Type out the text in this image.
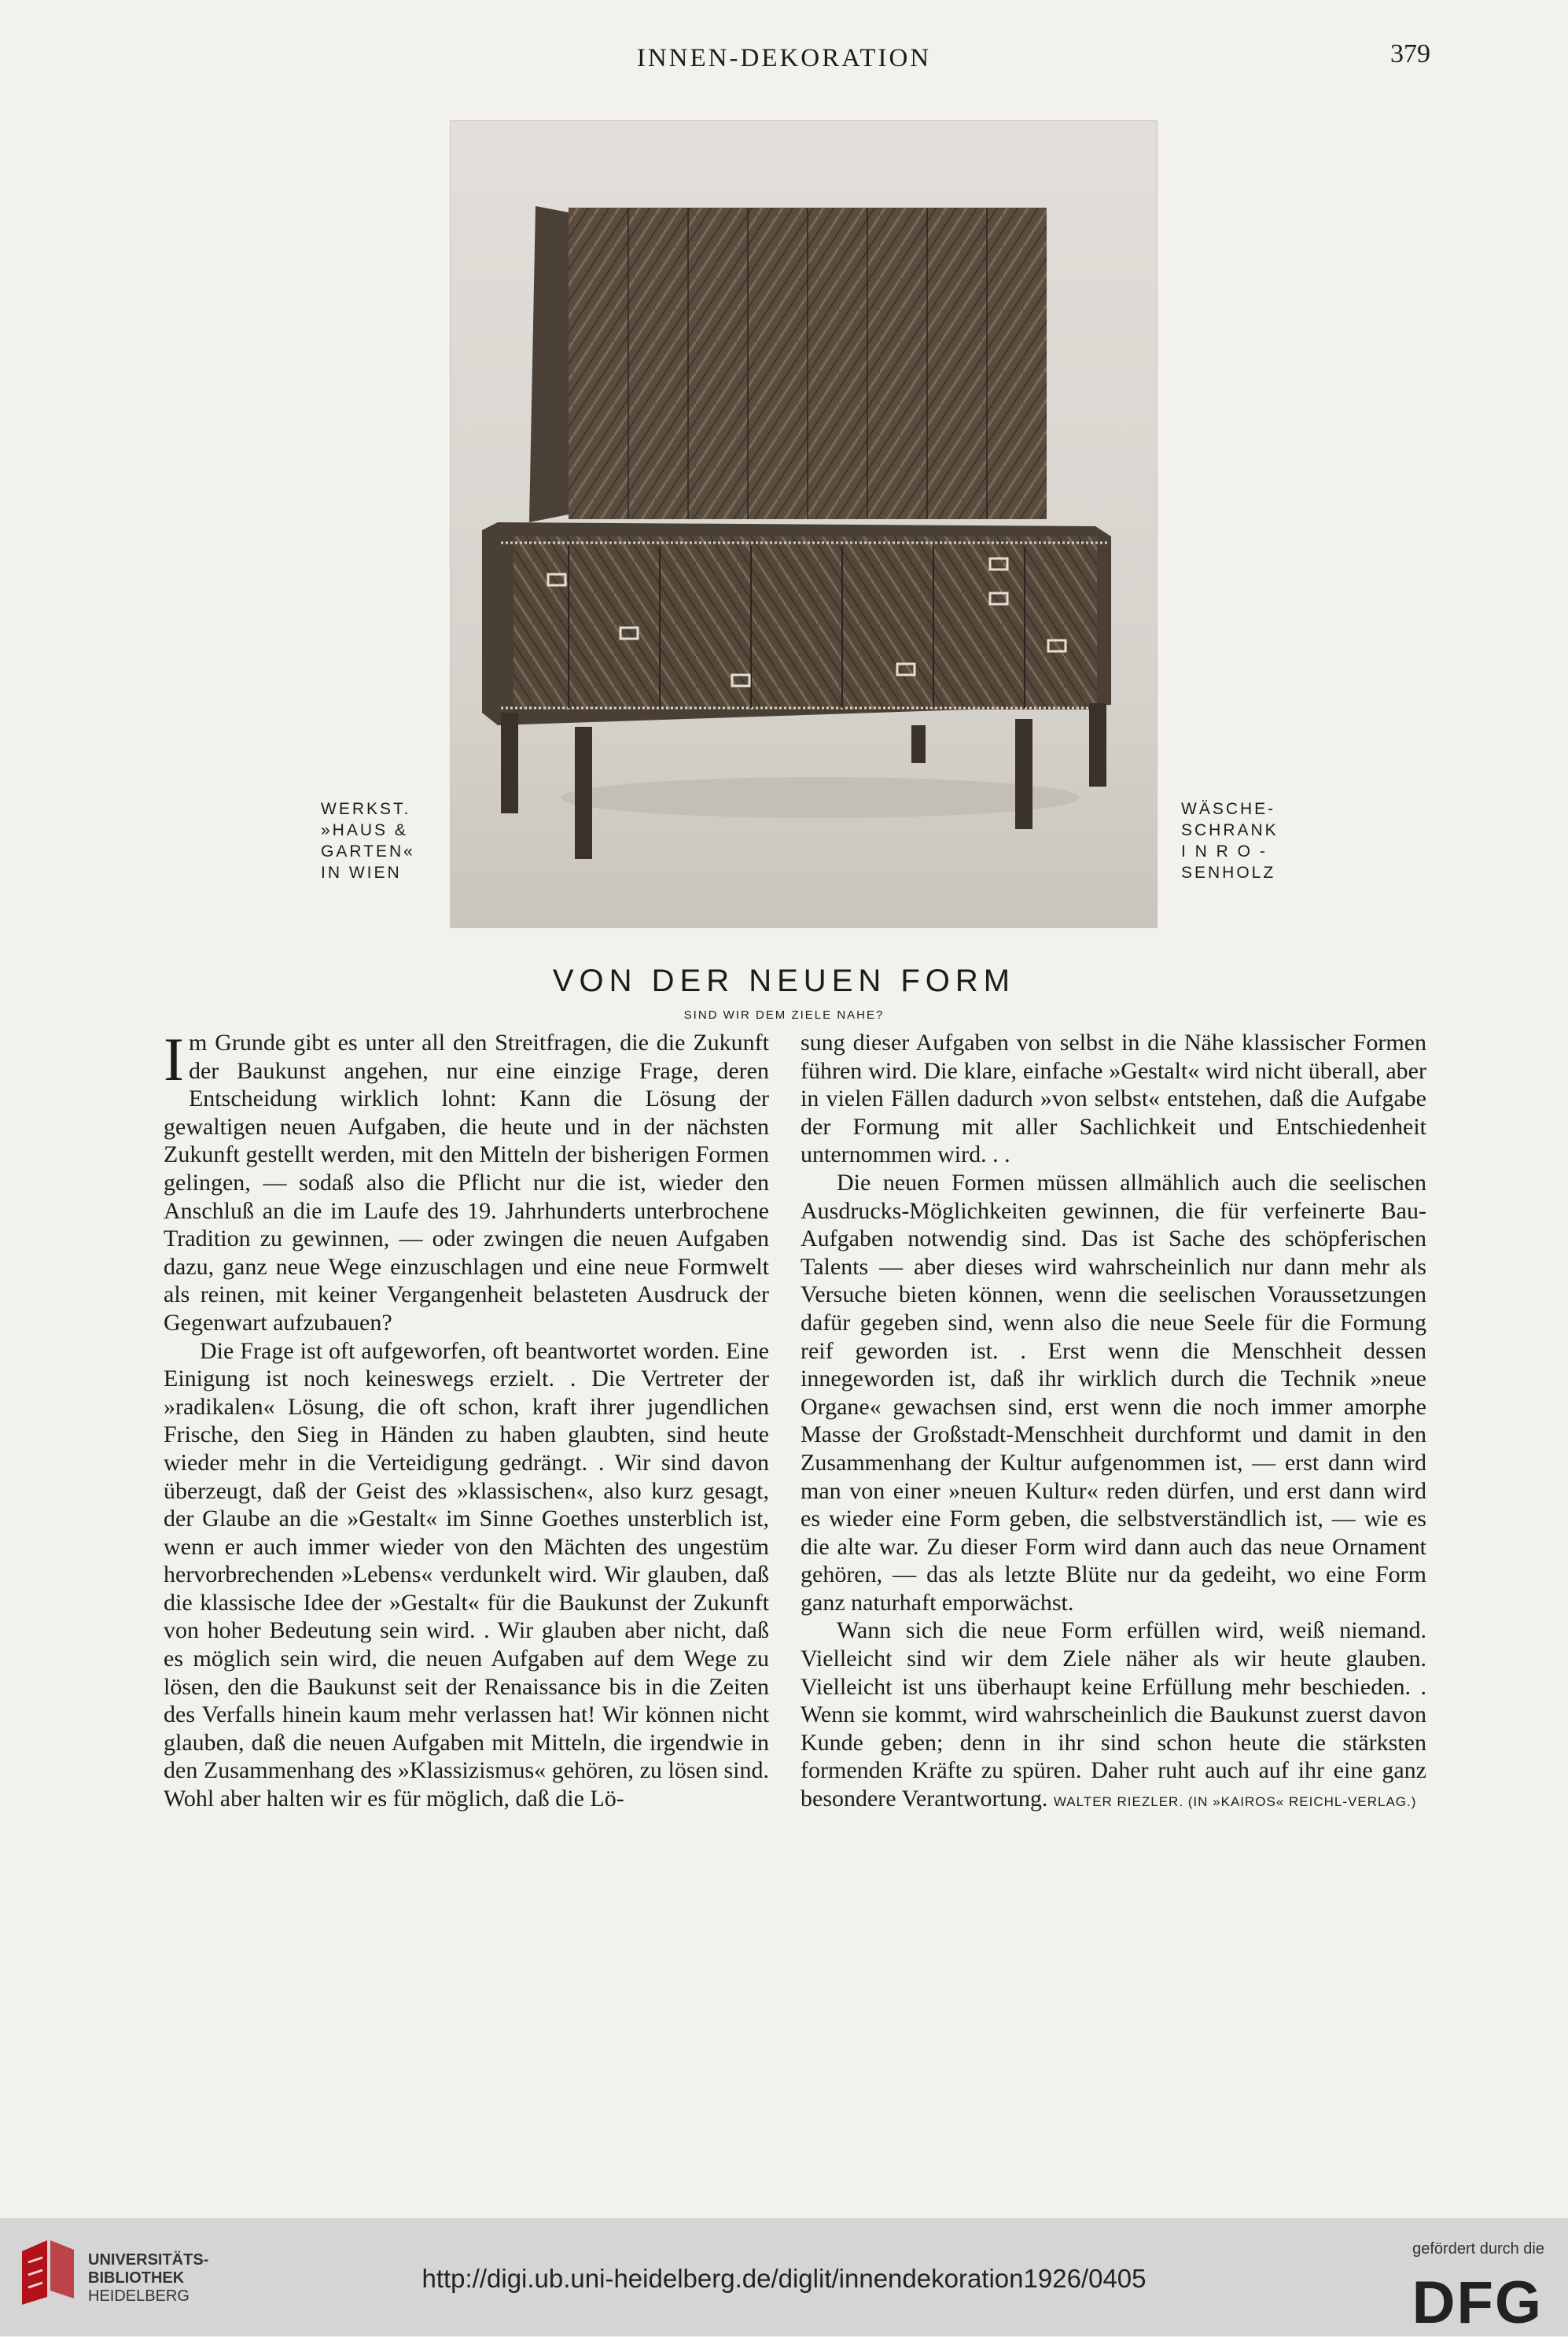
INNEN-DEKORATION	379
WERKST.
»HAUS &
GARTEN«
IN WIEN
WÄSCHE-
SCHRANK
I N R O -
SENHOLZ
VON DER NEUEN FORM
SIND WIR DEM ZIELE NAHE?

Im Grunde gibt es unter all den Streitfragen, die die Zukunft der Baukunst angehen, nur eine einzige Frage, deren Entscheidung wirklich lohnt: Kann die Lösung der gewaltigen neuen Aufgaben, die heute und in der nächsten Zukunft gestellt werden, mit den Mitteln der bisherigen Formen gelingen, — sodaß also die Pflicht nur die ist, wieder den Anschluß an die im Laufe des 19. Jahrhunderts unterbrochene Tradition zu gewinnen, — oder zwingen die neuen Aufgaben dazu, ganz neue Wege einzuschlagen und eine neue Formwelt als reinen, mit keiner Vergangenheit belasteten Ausdruck der Gegenwart aufzubauen?

Die Frage ist oft aufgeworfen, oft beantwortet worden. Eine Einigung ist noch keineswegs erzielt. . Die Vertreter der »radikalen« Lösung, die oft schon, kraft ihrer jugendlichen Frische, den Sieg in Händen zu haben glaubten, sind heute wieder mehr in die Verteidigung gedrängt. . Wir sind davon überzeugt, daß der Geist des »klassischen«, also kurz gesagt, der Glaube an die »Gestalt« im Sinne Goethes unsterblich ist, wenn er auch immer wieder von den Mächten des ungestüm hervorbrechenden »Lebens« verdunkelt wird. Wir glauben, daß die klassische Idee der »Gestalt« für die Baukunst der Zukunft von hoher Bedeutung sein wird. . Wir glauben aber nicht, daß es möglich sein wird, die neuen Aufgaben auf dem Wege zu lösen, den die Baukunst seit der Renaissance bis in die Zeiten des Verfalls hinein kaum mehr verlassen hat! Wir können nicht glauben, daß die neuen Aufgaben mit Mitteln, die irgendwie in den Zusammenhang des »Klassizismus« gehören, zu lösen sind. Wohl aber halten wir es für möglich, daß die Lö-

sung dieser Aufgaben von selbst in die Nähe klassischer Formen führen wird. Die klare, einfache »Gestalt« wird nicht überall, aber in vielen Fällen dadurch »von selbst« entstehen, daß die Aufgabe der Formung mit aller Sachlichkeit und Entschiedenheit unternommen wird. . .

Die neuen Formen müssen allmählich auch die seelischen Ausdrucks-Möglichkeiten gewinnen, die für verfeinerte Bau-Aufgaben notwendig sind. Das ist Sache des schöpferischen Talents — aber dieses wird wahrscheinlich nur dann mehr als Versuche bieten können, wenn die seelischen Voraussetzungen dafür gegeben sind, wenn also die neue Seele für die Formung reif geworden ist. . Erst wenn die Menschheit dessen innegeworden ist, daß ihr wirklich durch die Technik »neue Organe« gewachsen sind, erst wenn die noch immer amorphe Masse der Großstadt-Menschheit durchformt und damit in den Zusammenhang der Kultur aufgenommen ist, — erst dann wird man von einer »neuen Kultur« reden dürfen, und erst dann wird es wieder eine Form geben, die selbstverständlich ist, — wie es die alte war. Zu dieser Form wird dann auch das neue Ornament gehören, — das als letzte Blüte nur da gedeiht, wo eine Form ganz naturhaft emporwächst.

Wann sich die neue Form erfüllen wird, weiß niemand. Vielleicht sind wir dem Ziele näher als wir heute glauben. Vielleicht ist uns überhaupt keine Erfüllung mehr beschieden. . Wenn sie kommt, wird wahrscheinlich die Baukunst zuerst davon Kunde geben; denn in ihr sind schon heute die stärksten formenden Kräfte zu spüren. Daher ruht auch auf ihr eine ganz besondere Verantwortung. WALTER RIEZLER. (IN »KAIROS« REICHL-VERLAG.)

UNIVERSITÄTS-
BIBLIOTHEK
HEIDELBERG
http://digi.ub.uni-heidelberg.de/diglit/innendekoration1926/0405
gefördert durch die
DFG
